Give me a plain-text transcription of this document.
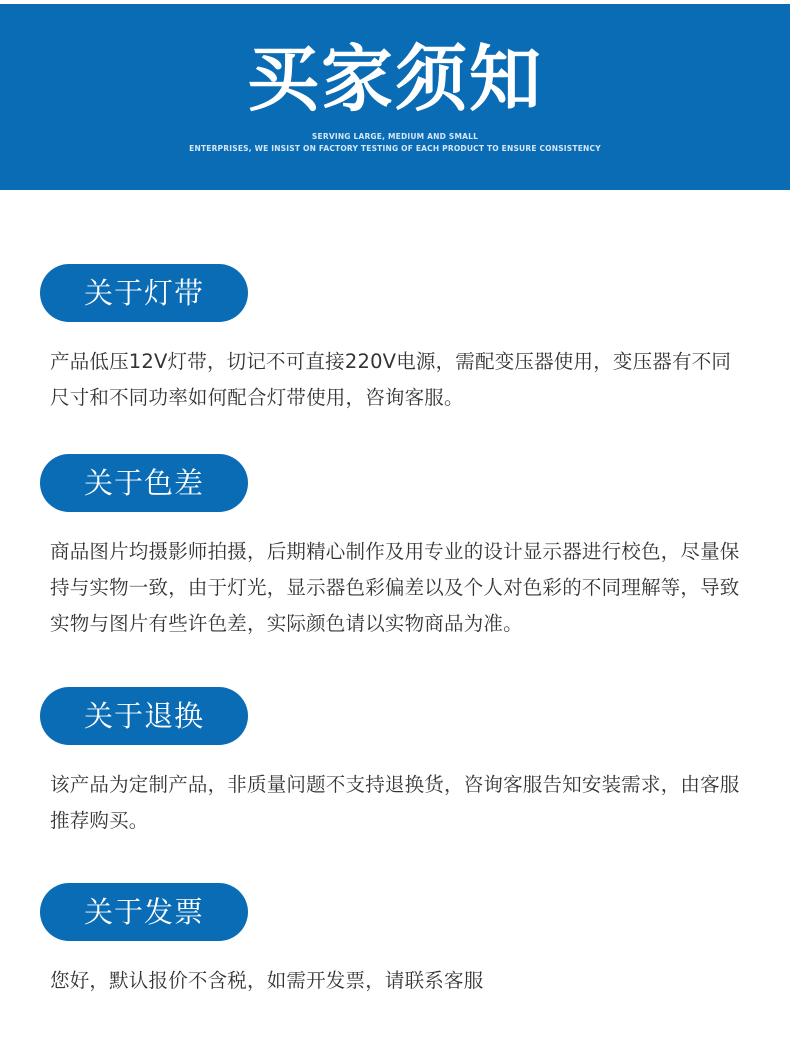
买家须知
SERVING LARGE, MEDIUM AND SMALL
ENTERPRISES, WE INSIST ON FACTORY TESTING OF EACH PRODUCT TO ENSURE CONSISTENCY
关于灯带
产品低压12V灯带，切记不可直接220V电源，需配变压器使用，变压器有不同尺寸和不同功率如何配合灯带使用，咨询客服。
关于色差
商品图片均摄影师拍摄，后期精心制作及用专业的设计显示器进行校色，尽量保持与实物一致，由于灯光，显示器色彩偏差以及个人对色彩的不同理解等，导致实物与图片有些许色差，实际颜色请以实物商品为准。
关于退换
该产品为定制产品，非质量问题不支持退换货，咨询客服告知安装需求，由客服推荐购买。
关于发票
您好，默认报价不含税，如需开发票，请联系客服
